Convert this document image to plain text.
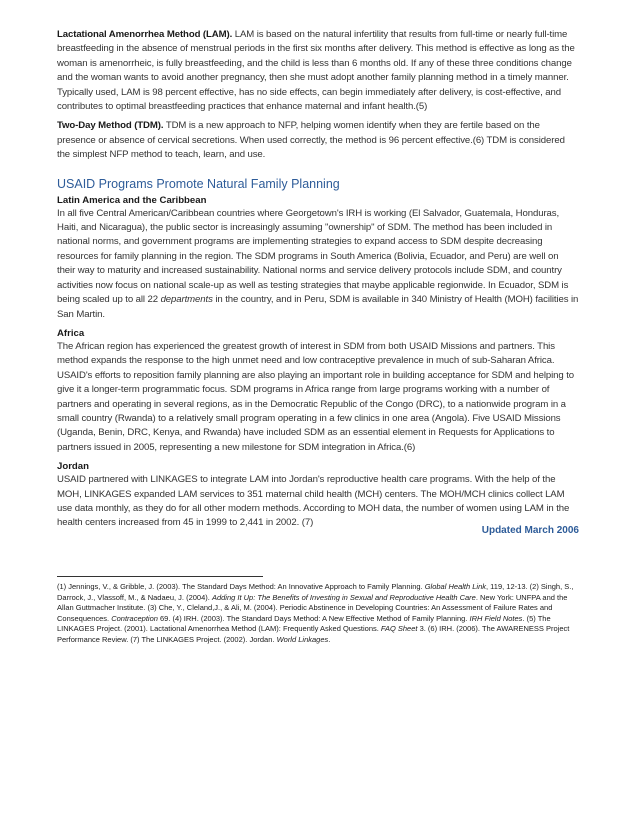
Lactational Amenorrhea Method (LAM). LAM is based on the natural infertility that results from full-time or nearly full-time breastfeeding in the absence of menstrual periods in the first six months after delivery. This method is effective as long as the woman is amenorrheic, is fully breastfeeding, and the child is less than 6 months old. If any of these three conditions change and the woman wants to avoid another pregnancy, then she must adopt another family planning method in a timely manner. Typically used, LAM is 98 percent effective, has no side effects, can begin immediately after delivery, is cost-effective, and contributes to optimal breastfeeding practices that enhance maternal and infant health.(5)

Two-Day Method (TDM). TDM is a new approach to NFP, helping women identify when they are fertile based on the presence or absence of cervical secretions. When used correctly, the method is 96 percent effective.(6) TDM is considered the simplest NFP method to teach, learn, and use.

USAID Programs Promote Natural Family Planning
Latin America and the Caribbean

In all five Central American/Caribbean countries where Georgetown's IRH is working (El Salvador, Guatemala, Honduras, Haiti, and Nicaragua), the public sector is increasingly assuming "ownership" of SDM. The method has been included in national norms, and government programs are implementing strategies to expand access to SDM despite decreasing resources for family planning in the region. The SDM programs in South America (Bolivia, Ecuador, and Peru) are well on their way to maturity and increased sustainability. National norms and service delivery protocols include SDM, and country activities now focus on national scale-up as well as testing strategies that maybe applicable regionwide. In Ecuador, SDM is being scaled up to all 22 departments in the country, and in Peru, SDM is available in 340 Ministry of Health (MOH) facilities in San Martin.

Africa

The African region has experienced the greatest growth of interest in SDM from both USAID Missions and partners. This method expands the response to the high unmet need and low contraceptive prevalence in much of sub-Saharan Africa. USAID's efforts to reposition family planning are also playing an important role in building acceptance for SDM and helping to give it a longer-term programmatic focus. SDM programs in Africa range from large programs working with a number of partners and operating in several regions, as in the Democratic Republic of the Congo (DRC), to a nationwide program in a small country (Rwanda) to a relatively small program operating in a few clinics in one area (Angola). Five USAID Missions (Uganda, Benin, DRC, Kenya, and Rwanda) have included SDM as an essential element in Requests for Applications to partners issued in 2005, representing a new milestone for SDM integration in Africa.(6)

Jordan

USAID partnered with LINKAGES to integrate LAM into Jordan's reproductive health care programs. With the help of the MOH, LINKAGES expanded LAM services to 351 maternal child health (MCH) centers. The MOH/MCH clinics collect LAM use data monthly, as they do for all other modern methods. According to MOH data, the number of women using LAM in the health centers increased from 45 in 1999 to 2,441 in 2002. (7)

Updated March 2006
(1) Jennings, V., & Gribble, J. (2003). The Standard Days Method: An Innovative Approach to Family Planning. Global Health Link, 119, 12-13. (2) Singh, S., Darrock, J., Vlassoff, M., & Nadaeu, J. (2004). Adding It Up: The Benefits of Investing in Sexual and Reproductive Health Care. New York: UNFPA and the Allan Guttmacher Institute. (3) Che, Y., Cleland,J., & Ali, M. (2004). Periodic Abstinence in Developing Countries: An Assessment of Failure Rates and Consequences. Contraception 69. (4) IRH. (2003). The Standard Days Method: A New Effective Method of Family Planning. IRH Field Notes. (5) The LINKAGES Project. (2001). Lactational Amenorrhea Method (LAM): Frequently Asked Questions. FAQ Sheet 3. (6) IRH. (2006). The AWARENESS Project Performance Review. (7) The LINKAGES Project. (2002). Jordan. World Linkages.
